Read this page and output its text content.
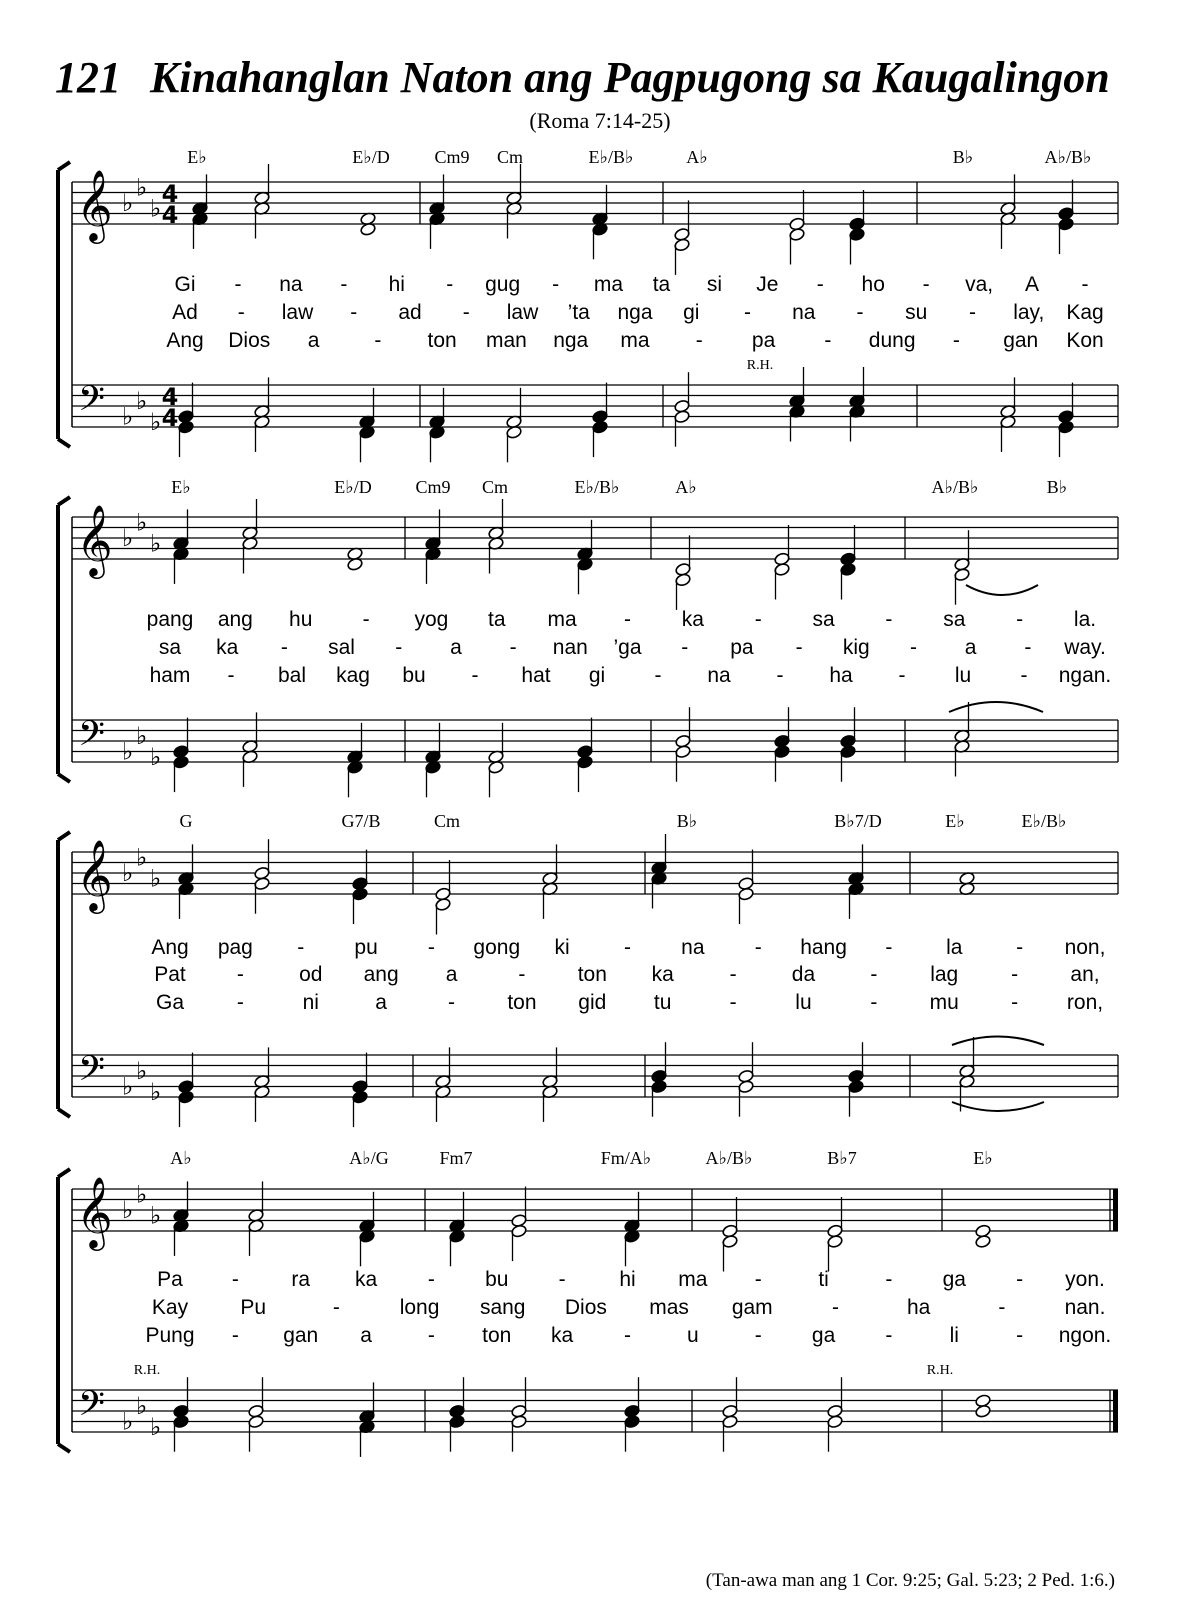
121 Kinahanglan Naton ang Pagpugong sa Kaugalingon
(Roma 7:14-25)
𝄞
𝄢
♭
♭
♭
♭
♭
♭
4
4
4
4
E♭	E♭/D Cm9 Cm	E♭/B♭	A♭	B♭	A♭/B♭
Gi - na - hi - gug - ma ta si Je - ho - va, A -
Ad - law - ad - law ’ta nga gi - na - su - lay, Kag
Ang Dios a	- ton man nga ma - pa - dung - gan Kon
R.H.
𝄞
𝄢
♭
♭
♭
♭
♭
♭
E♭	E♭/D Cm9 Cm	E♭/B♭	A♭	A♭/B♭	B♭
pang ang hu - yog ta ma - ka - sa - sa - la.
sa ka - sal - a - nan ’ga - pa - kig - a - way.
ham - bal kag bu - hat gi - na - ha - lu - ngan.
𝄞
𝄢
♭
♭
♭
♭
♭
♭
G	G7/B	Cm	B♭	B♭7/D	E♭	E♭/B♭
Ang pag - pu - gong ki	- na - hang -	la	- non,
Pat -	od ang a	- ton ka	-	da	-	lag	- an,
Ga	-	ni	a	- ton gid tu	-	lu	- mu - ron,
𝄞
𝄢
♭
♭
♭
♭
♭
♭
A♭	A♭/G	Fm7	Fm/A♭	A♭/B♭	B♭7	E♭
Pa -	ra ka - bu -	hi ma -	ti	- ga - yon.
Kay Pu	-	long sang Dios mas gam	-	ha	-	nan.
Pung - gan a	- ton ka -	u	- ga -	li	- ngon.
R.H.	R.H.
(Tan-awa man ang 1 Cor. 9:25; Gal. 5:23; 2 Ped. 1:6.)
